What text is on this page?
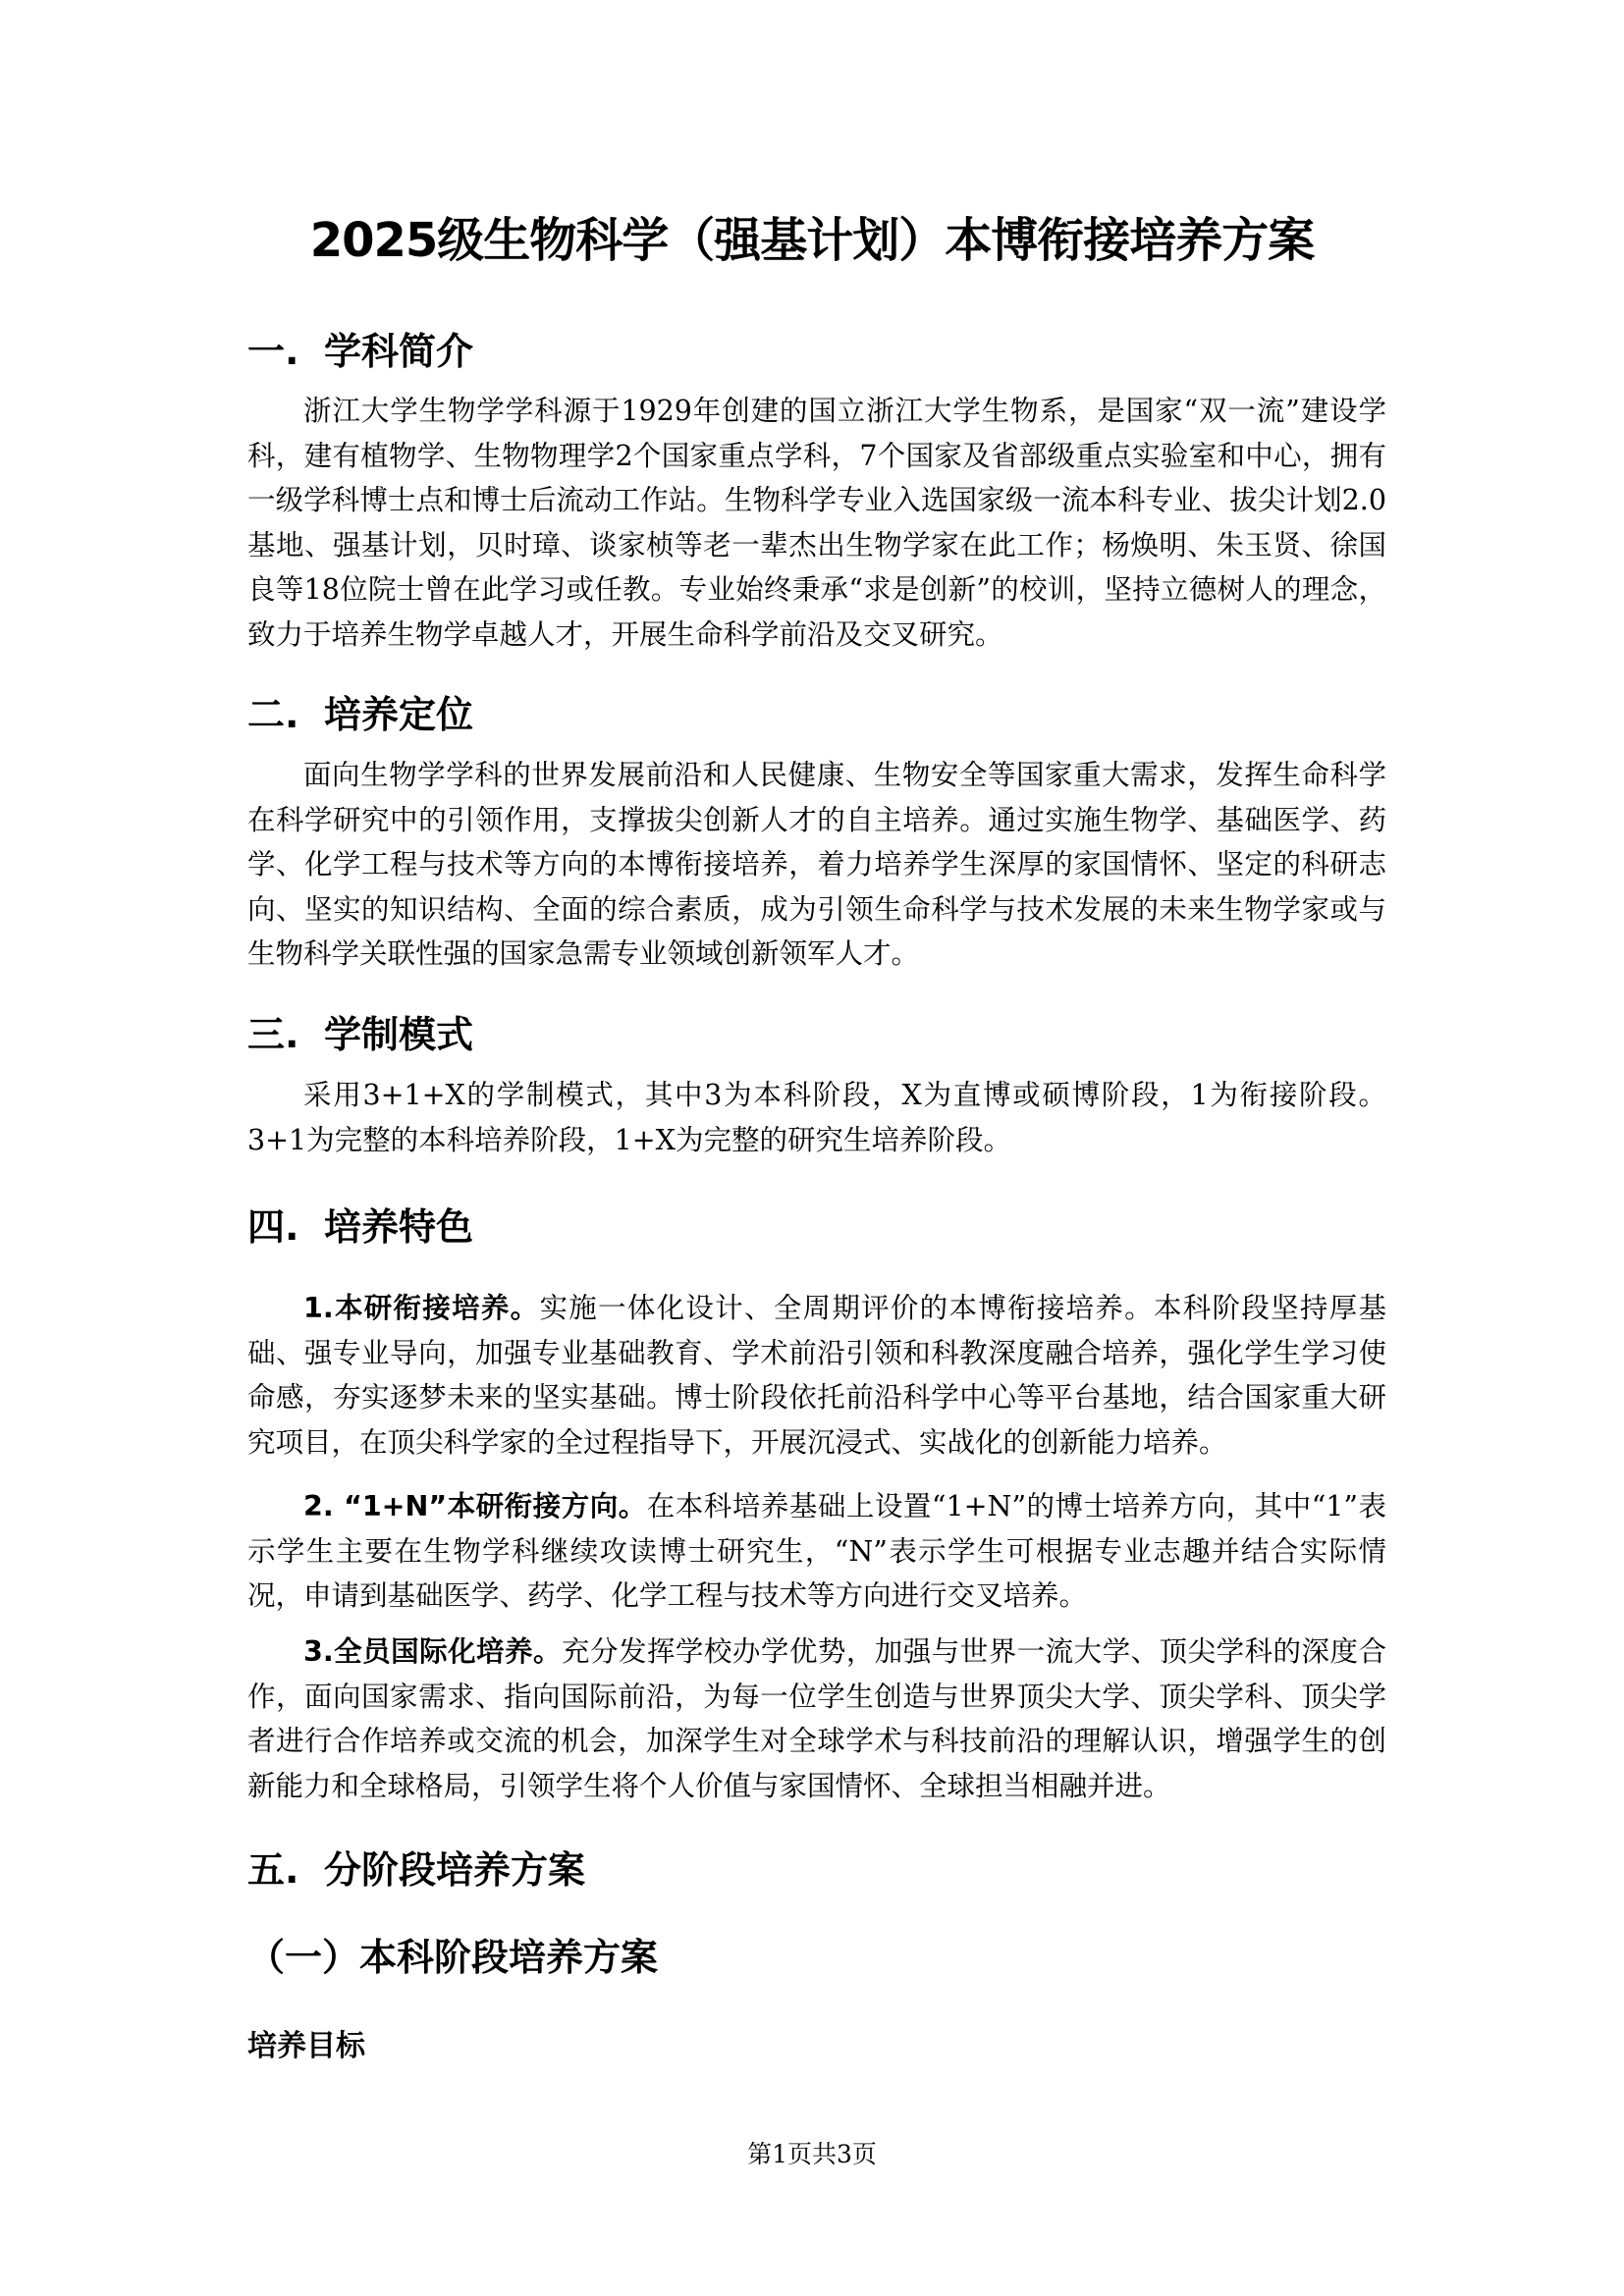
2025级生物科学（强基计划）本博衔接培养方案
一. 学科简介

浙江大学生物学学科源于1929年创建的国立浙江大学生物系，是国家“双一流”建设学科，建有植物学、生物物理学2个国家重点学科，7个国家及省部级重点实验室和中心，拥有一级学科博士点和博士后流动工作站。生物科学专业入选国家级一流本科专业、拔尖计划2.0基地、强基计划，贝时璋、谈家桢等老一辈杰出生物学家在此工作；杨焕明、朱玉贤、徐国良等18位院士曾在此学习或任教。专业始终秉承“求是创新”的校训，坚持立德树人的理念，致力于培养生物学卓越人才，开展生命科学前沿及交叉研究。

二. 培养定位

面向生物学学科的世界发展前沿和人民健康、生物安全等国家重大需求，发挥生命科学在科学研究中的引领作用，支撑拔尖创新人才的自主培养。通过实施生物学、基础医学、药学、化学工程与技术等方向的本博衔接培养，着力培养学生深厚的家国情怀、坚定的科研志向、坚实的知识结构、全面的综合素质，成为引领生命科学与技术发展的未来生物学家或与生物科学关联性强的国家急需专业领域创新领军人才。

三. 学制模式

采用3+1+X的学制模式，其中3为本科阶段，X为直博或硕博阶段，1为衔接阶段。3+1为完整的本科培养阶段，1+X为完整的研究生培养阶段。

四. 培养特色

1.本研衔接培养。实施一体化设计、全周期评价的本博衔接培养。本科阶段坚持厚基础、强专业导向，加强专业基础教育、学术前沿引领和科教深度融合培养，强化学生学习使命感，夯实逐梦未来的坚实基础。博士阶段依托前沿科学中心等平台基地，结合国家重大研究项目，在顶尖科学家的全过程指导下，开展沉浸式、实战化的创新能力培养。

2. “1+N”本研衔接方向。在本科培养基础上设置“1+N”的博士培养方向，其中“1”表示学生主要在生物学科继续攻读博士研究生，“N”表示学生可根据专业志趣并结合实际情况，申请到基础医学、药学、化学工程与技术等方向进行交叉培养。

3.全员国际化培养。充分发挥学校办学优势，加强与世界一流大学、顶尖学科的深度合作，面向国家需求、指向国际前沿，为每一位学生创造与世界顶尖大学、顶尖学科、顶尖学者进行合作培养或交流的机会，加深学生对全球学术与科技前沿的理解认识，增强学生的创新能力和全球格局，引领学生将个人价值与家国情怀、全球担当相融并进。

五. 分阶段培养方案
（一）本科阶段培养方案
培养目标
第1页共3页
